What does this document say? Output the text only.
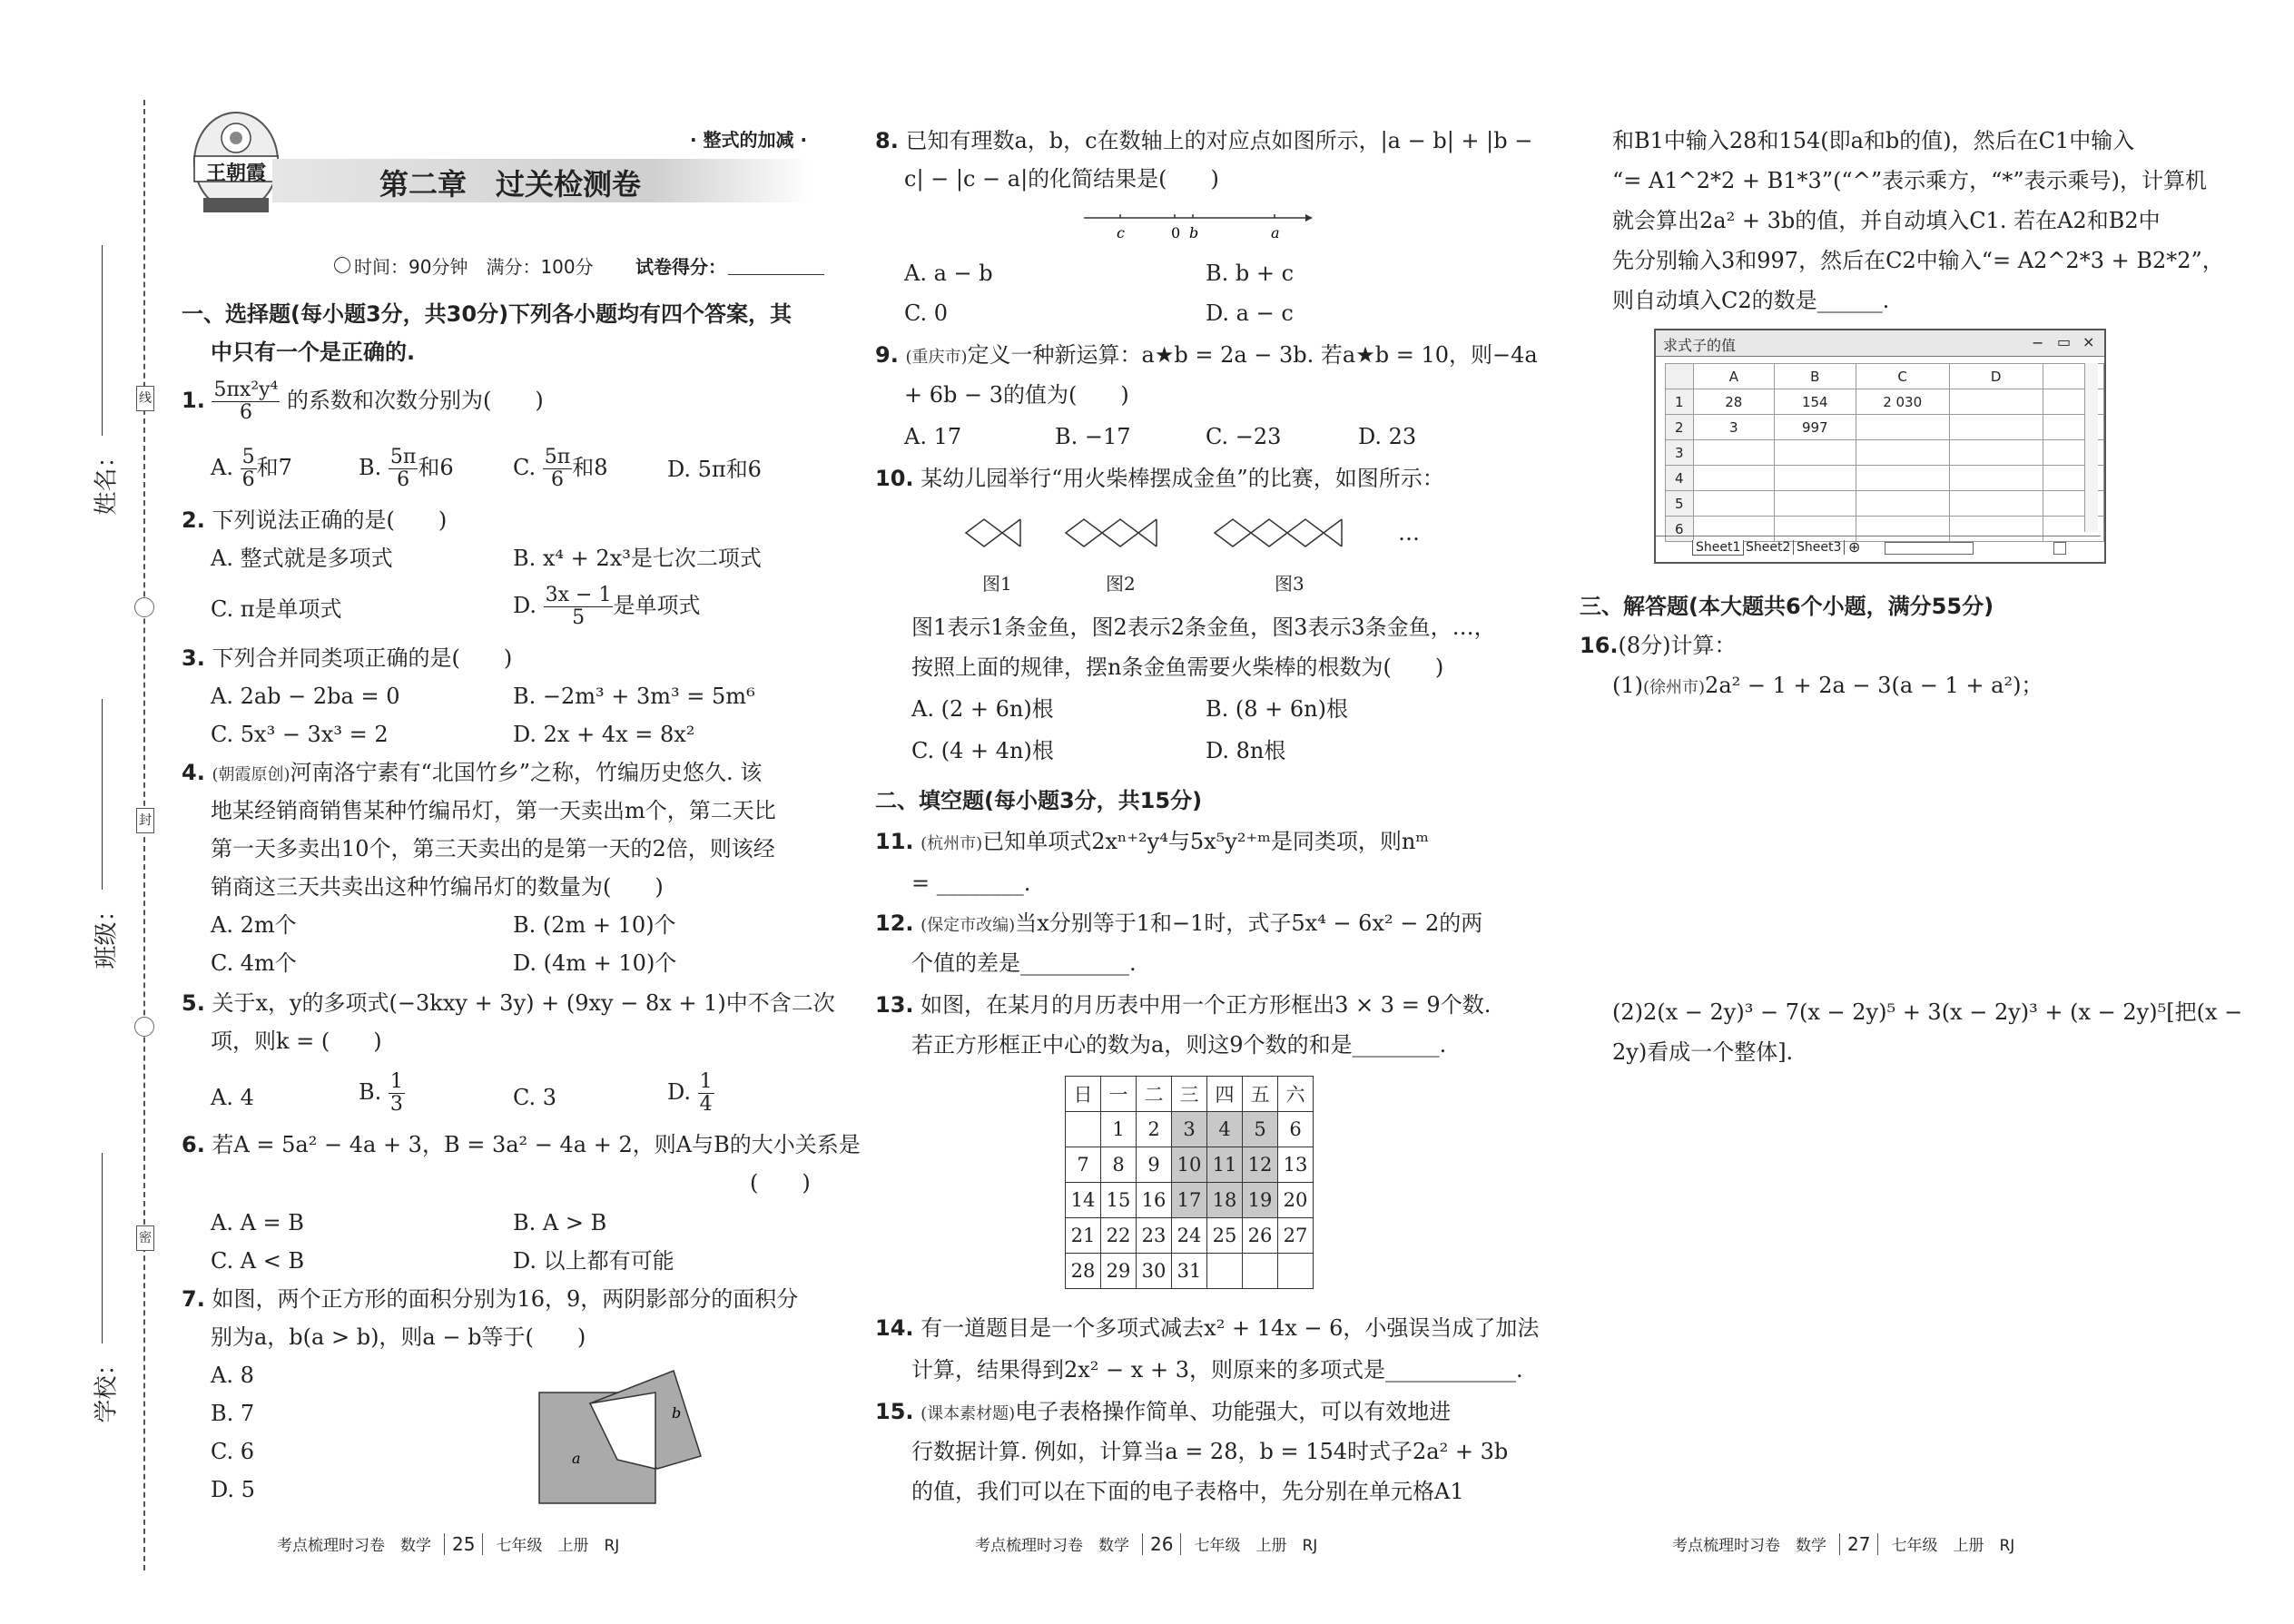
姓名：
班级：
学校：
线
封
密
王朝霞	第二章　过关检测卷
· 整式的加减 ·
时间：90分钟　满分：100分 试卷得分：
一、选择题(每小题3分，共30分)下列各小题均有四个答案，其
中只有一个是正确的.
1. $\frac{\text{5πx²y⁴}}{6}$ 的系数和次数分别为(　　)
A. $\frac{5}{6}$ 和7	B. $\frac{5\pi}{6}$ 和6	C. $\frac{5\pi}{6}$ 和8	D. 5π和6
2. 下列说法正确的是(　　)
A. 整式就是多项式	B. x⁴ + 2x³是七次二项式
C. π是单项式	D. $\frac{3x - 1}{5}$ 是单项式
3. 下列合并同类项正确的是(　　)
A. 2ab − 2ba = 0	B. −2m³ + 3m³ = 5m⁶
C. 5x³ − 3x³ = 2	D. 2x + 4x = 8x²
4. (朝霞原创)河南洛宁素有“北国竹乡”之称，竹编历史悠久. 该
地某经销商销售某种竹编吊灯，第一天卖出m个，第二天比
第一天多卖出10个，第三天卖出的是第一天的2倍，则该经
销商这三天共卖出这种竹编吊灯的数量为(　　)
A. 2m个	B. (2m + 10)个
C. 4m个	D. (4m + 10)个
5. 关于x，y的多项式(−3kxy + 3y) + (9xy − 8x + 1)中不含二次
项，则k = (　　)
A. 4	B. $\frac{1}{3}$	C. 3	D. $\frac{1}{4}$
6. 若A = 5a² − 4a + 3，B = 3a² − 4a + 2，则A与B的大小关系是
(　　)
A. A = B	B. A > B
C. A < B	D. 以上都有可能
7. 如图，两个正方形的面积分别为16，9，两阴影部分的面积分
别为a，b(a > b)，则a − b等于(　　)
A. 8
B. 7
C. 6
D. 5
a
b
8. 已知有理数a，b，c在数轴上的对应点如图所示，|a − b| + |b −
c| − |c − a|的化简结果是(　　)
c	0 b	a
A. a − b	B. b + c
C. 0	D. a − c
9. (重庆市)定义一种新运算：a★b = 2a − 3b. 若a★b = 10，则−4a
+ 6b − 3的值为(　　)
A. 17	B. −17	C. −23	D. 23
10. 某幼儿园举行“用火柴棒摆成金鱼”的比赛，如图所示：
图1	图2	图3
…
图1表示1条金鱼，图2表示2条金鱼，图3表示3条金鱼，…，
按照上面的规律，摆n条金鱼需要火柴棒的根数为(　　)
A. (2 + 6n)根	B. (8 + 6n)根
C. (4 + 4n)根	D. 8n根
二、填空题(每小题3分，共15分)
11. (杭州市)已知单项式2xⁿ⁺²y⁴与5x⁵y²⁺ᵐ是同类项，则nᵐ
= ________.
12. (保定市改编)当x分别等于1和−1时，式子5x⁴ − 6x² − 2的两
个值的差是__________.
13. 如图，在某月的月历表中用一个正方形框出3 × 3 = 9个数.
若正方形框正中心的数为a，则这9个数的和是________.
日	一	二	三	四	五	六
	1	2	3	4	5	6
7	8	9	10	11	12	13
14	15	16	17	18	19	20
21	22	23	24	25	26	27
28	29	30	31			
14. 有一道题目是一个多项式减去x² + 14x − 6，小强误当成了加法
计算，结果得到2x² − x + 3，则原来的多项式是____________.
15. (课本素材题)电子表格操作简单、功能强大，可以有效地进
行数据计算. 例如，计算当a = 28，b = 154时式子2a² + 3b
的值，我们可以在下面的电子表格中，先分别在单元格A1
和B1中输入28和154(即a和b的值)，然后在C1中输入
“= A1^2*2 + B1*3”(“^”表示乘方，“*”表示乘号)，计算机
就会算出2a² + 3b的值，并自动填入C1. 若在A2和B2中
先分别输入3和997，然后在C2中输入“= A2^2*3 + B2*2”，
则自动填入C2的数是______.
求式子的值	− ▭ ×
	A	B	C	D	
1	28	154	2 030		
2	3	997			
3					
4					
5					
6					
Sheet1 Sheet2 Sheet3 ⊕
三、解答题(本大题共6个小题，满分55分)
16.(8分)计算：
(1)(徐州市)2a² − 1 + 2a − 3(a − 1 + a²)；
(2)2(x − 2y)³ − 7(x − 2y)⁵ + 3(x − 2y)³ + (x − 2y)⁵[把(x −
2y)看成一个整体].
考点梳理时习卷　数学 25 七年级　上册　RJ	考点梳理时习卷　数学 26 七年级　上册　RJ	考点梳理时习卷　数学 27 七年级　上册　RJ
